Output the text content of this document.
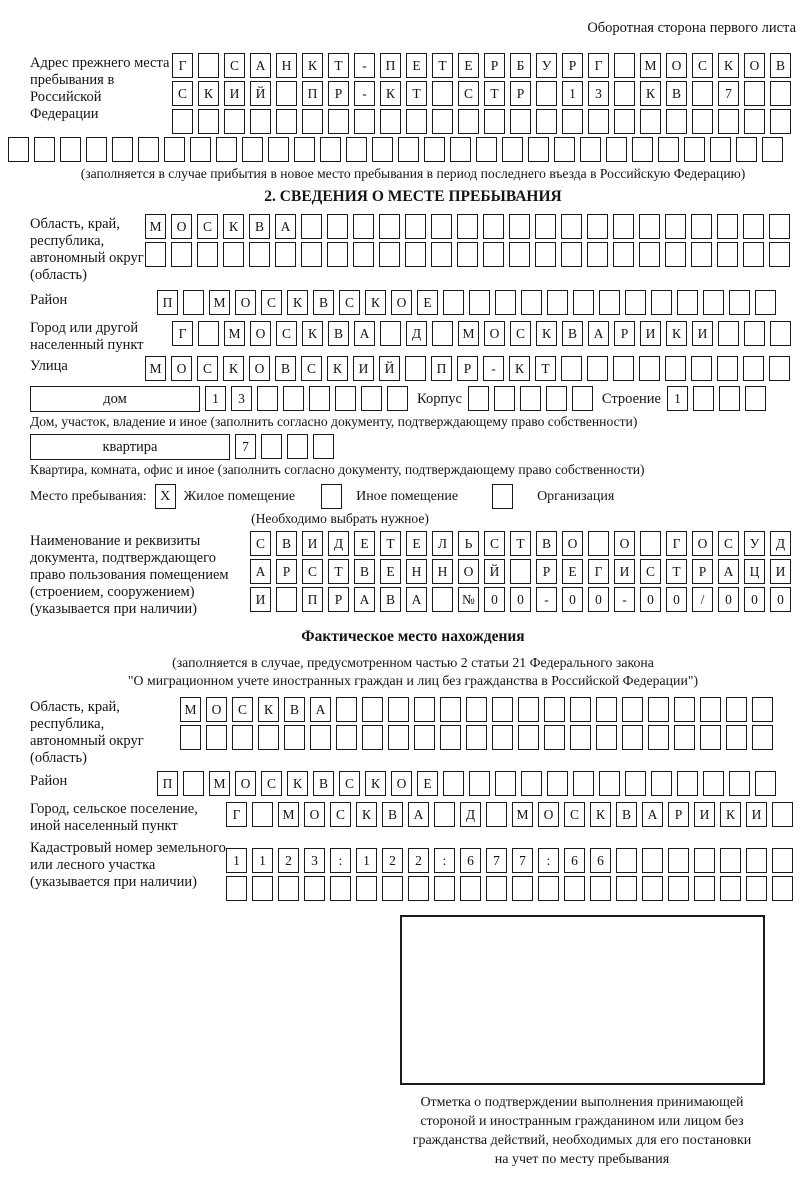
Оборотная сторона первого листа
Адрес прежнего места пребывания в Российской Федерации
Г	С	А	Н	К	Т	-	П	Е	Т	Е	Р	Б	У	Р	Г	М	О	С	К	О	В
С	К	И	Й	П	Р	-	К	Т	С	Т	Р	1	3	К	В	7
(заполняется в случае прибытия в новое место пребывания в период последнего въезда в Российскую Федерацию)
2. СВЕДЕНИЯ О МЕСТЕ ПРЕБЫВАНИЯ
Область, край, республика, автономный округ (область)
М	О	С	К	В	А
Район	П	М	О	С	К	В	С	К	О	Е
Город или другой населенный пункт
Г	М	О	С	К	В	А	Д	М	О	С	К	В	А	Р	И	К	И
Улица	М	О	С	К	О	В	С	К	И	Й	П	Р	-	К	Т
дом	1	3	Корпус	Строение 1
Дом, участок, владение и иное (заполнить согласно документу, подтверждающему право собственности)
квартира	7
Квартира, комната, офис и иное (заполнить согласно документу, подтверждающему право собственности)
Место пребывания: X Жилое помещение	Иное помещение	Организация
(Необходимо выбрать нужное)
Наименование и реквизиты документа, подтверждающего право пользования помещением (строением, сооружением) (указывается при наличии)
С	В	И	Д	Е	Т	Е	Л	Ь	С	Т	В	О	О	Г	О	С	У	Д
А	Р	С	Т	В	Е	Н	Н	О	Й	Р	Е	Г	И	С	Т	Р	А	Ц	И
И	П	Р	А	В	А	№	0	0	-	0	0	-	0	0	/	0	0	0
Фактическое место нахождения
(заполняется в случае, предусмотренном частью 2 статьи 21 Федерального закона
"О миграционном учете иностранных граждан и лиц без гражданства в Российской Федерации")
Область, край, республика, автономный округ (область)
М	О	С	К	В	А
Район	П	М	О	С	К	В	С	К	О	Е
Город, сельское поселение, иной населенный пункт
Г	М	О	С	К	В	А	Д	М	О	С	К	В	А	Р	И	К	И
Кадастровый номер земельного или лесного участка (указывается при наличии)
1	1	2	3	:	1	2	2	:	6	7	7	:	6	6
Отметка о подтверждении выполнения принимающей
стороной и иностранным гражданином или лицом без
гражданства действий, необходимых для его постановки
на учет по месту пребывания
